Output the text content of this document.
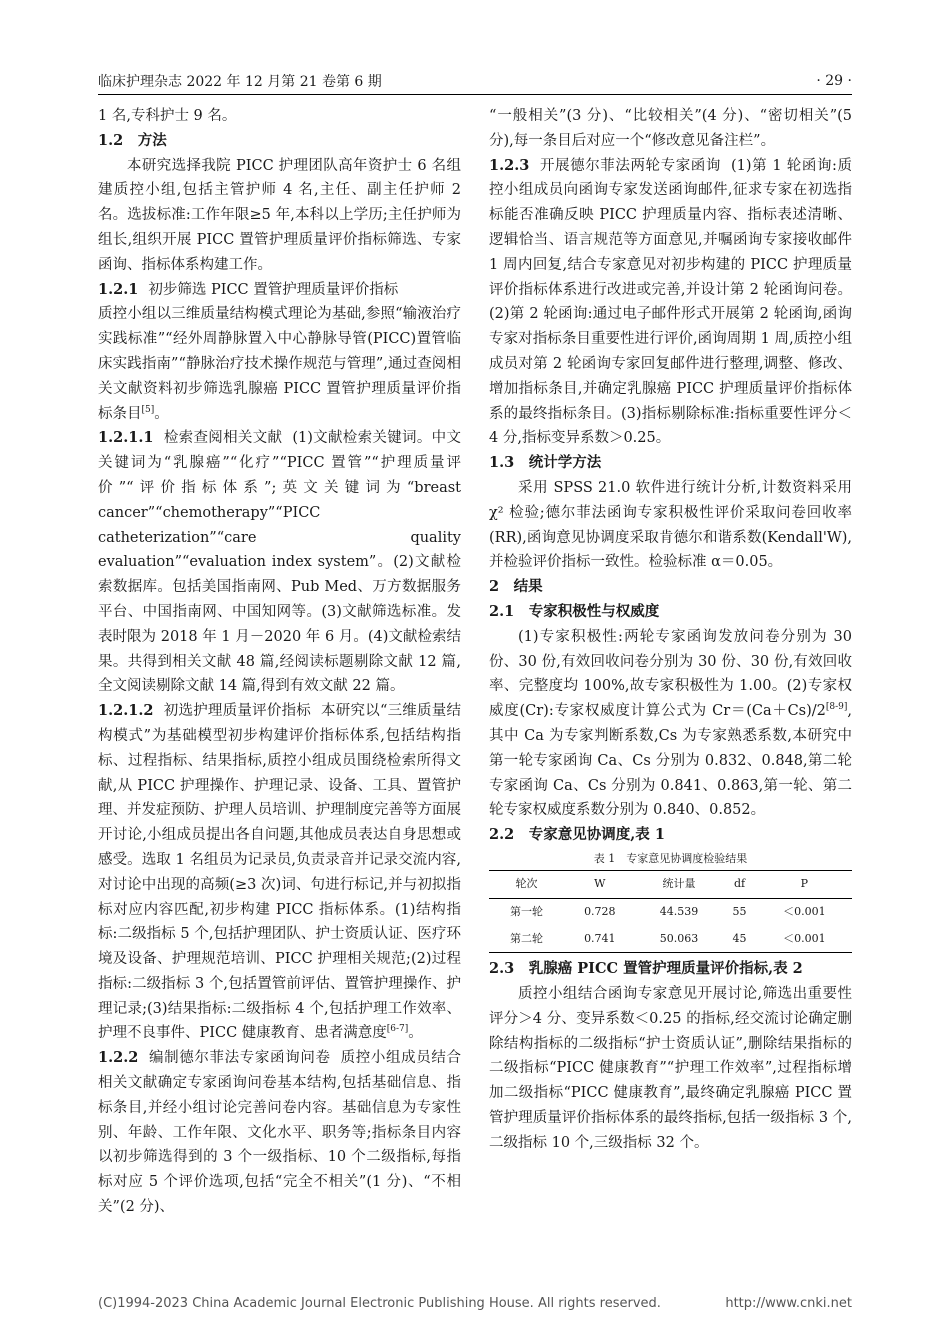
临床护理杂志 2022 年 12 月第 21 卷第 6 期	· 29 ·

1 名,专科护士 9 名。

1.2　方法

本研究选择我院 PICC 护理团队高年资护士 6 名组建质控小组,包括主管护师 4 名,主任、副主任护师 2 名。选拔标准:工作年限≥5 年,本科以上学历;主任护师为组长,组织开展 PICC 置管护理质量评价指标筛选、专家函询、指标体系构建工作。

1.2.1 初步筛选 PICC 置管护理质量评价指标

质控小组以三维质量结构模式理论为基础,参照“输液治疗实践标准”“经外周静脉置入中心静脉导管(PICC)置管临床实践指南”“静脉治疗技术操作规范与管理”,通过查阅相关文献资料初步筛选乳腺癌 PICC 置管护理质量评价指标条目[5]。

1.2.1.1 检索查阅相关文献 (1)文献检索关键词。中文关键词为“乳腺癌”“化疗”“PICC 置管”“护理质量评价”“评价指标体系”;英文关键词为“breast cancer”“chemotherapy”“PICC catheterization”“care quality evaluation”“evaluation index system”。(2)文献检索数据库。包括美国指南网、Pub Med、万方数据服务平台、中国指南网、中国知网等。(3)文献筛选标准。发表时限为 2018 年 1 月－2020 年 6 月。(4)文献检索结果。共得到相关文献 48 篇,经阅读标题剔除文献 12 篇,全文阅读剔除文献 14 篇,得到有效文献 22 篇。

1.2.1.2 初选护理质量评价指标 本研究以“三维质量结构模式”为基础模型初步构建评价指标体系,包括结构指标、过程指标、结果指标,质控小组成员围绕检索所得文献,从 PICC 护理操作、护理记录、设备、工具、置管护理、并发症预防、护理人员培训、护理制度完善等方面展开讨论,小组成员提出各自问题,其他成员表达自身思想或感受。选取 1 名组员为记录员,负责录音并记录交流内容,对讨论中出现的高频(≥3 次)词、句进行标记,并与初拟指标对应内容匹配,初步构建 PICC 指标体系。(1)结构指标:二级指标 5 个,包括护理团队、护士资质认证、医疗环境及设备、护理规范培训、PICC 护理相关规范;(2)过程指标:二级指标 3 个,包括置管前评估、置管护理操作、护理记录;(3)结果指标:二级指标 4 个,包括护理工作效率、护理不良事件、PICC 健康教育、患者满意度[6-7]。

1.2.2 编制德尔菲法专家函询问卷 质控小组成员结合相关文献确定专家函询问卷基本结构,包括基础信息、指标条目,并经小组讨论完善问卷内容。基础信息为专家性别、年龄、工作年限、文化水平、职务等;指标条目内容以初步筛选得到的 3 个一级指标、10 个二级指标,每指标对应 5 个评价选项,包括“完全不相关”(1 分)、“不相关”(2 分)、

“一般相关”(3 分)、“比较相关”(4 分)、“密切相关”(5 分),每一条目后对应一个“修改意见备注栏”。

1.2.3 开展德尔菲法两轮专家函询 (1)第 1 轮函询:质控小组成员向函询专家发送函询邮件,征求专家在初选指标能否准确反映 PICC 护理质量内容、指标表述清晰、逻辑恰当、语言规范等方面意见,并嘱函询专家接收邮件 1 周内回复,结合专家意见对初步构建的 PICC 护理质量评价指标体系进行改进或完善,并设计第 2 轮函询问卷。(2)第 2 轮函询:通过电子邮件形式开展第 2 轮函询,函询专家对指标条目重要性进行评价,函询周期 1 周,质控小组成员对第 2 轮函询专家回复邮件进行整理,调整、修改、增加指标条目,并确定乳腺癌 PICC 护理质量评价指标体系的最终指标条目。(3)指标剔除标准:指标重要性评分＜4 分,指标变异系数＞0.25。

1.3　统计学方法

采用 SPSS 21.0 软件进行统计分析,计数资料采用 χ² 检验;德尔菲法函询专家积极性评价采取问卷回收率(RR),函询意见协调度采取肯德尔和谐系数(Kendall'W),并检验评价指标一致性。检验标准 α＝0.05。

2　结果

2.1　专家积极性与权威度

(1)专家积极性:两轮专家函询发放问卷分别为 30 份、30 份,有效回收问卷分别为 30 份、30 份,有效回收率、完整度均 100%,故专家积极性为 1.00。(2)专家权威度(Cr):专家权威度计算公式为 Cr＝(Ca＋Cs)/2[8-9],其中 Ca 为专家判断系数,Cs 为专家熟悉系数,本研究中第一轮专家函询 Ca、Cs 分别为 0.832、0.848,第二轮专家函询 Ca、Cs 分别为 0.841、0.863,第一轮、第二轮专家权威度系数分别为 0.840、0.852。

2.2　专家意见协调度,表 1

表 1　专家意见协调度检验结果
轮次	W	统计量	df	P
第一轮	0.728	44.539	55	＜0.001
第二轮	0.741	50.063	45	＜0.001

2.3　乳腺癌 PICC 置管护理质量评价指标,表 2

质控小组结合函询专家意见开展讨论,筛选出重要性评分＞4 分、变异系数＜0.25 的指标,经交流讨论确定删除结构指标的二级指标“护士资质认证”,删除结果指标的二级指标“PICC 健康教育”“护理工作效率”,过程指标增加二级指标“PICC 健康教育”,最终确定乳腺癌 PICC 置管护理质量评价指标体系的最终指标,包括一级指标 3 个,二级指标 10 个,三级指标 32 个。

(C)1994-2023 China Academic Journal Electronic Publishing House. All rights reserved.	http://www.cnki.net
